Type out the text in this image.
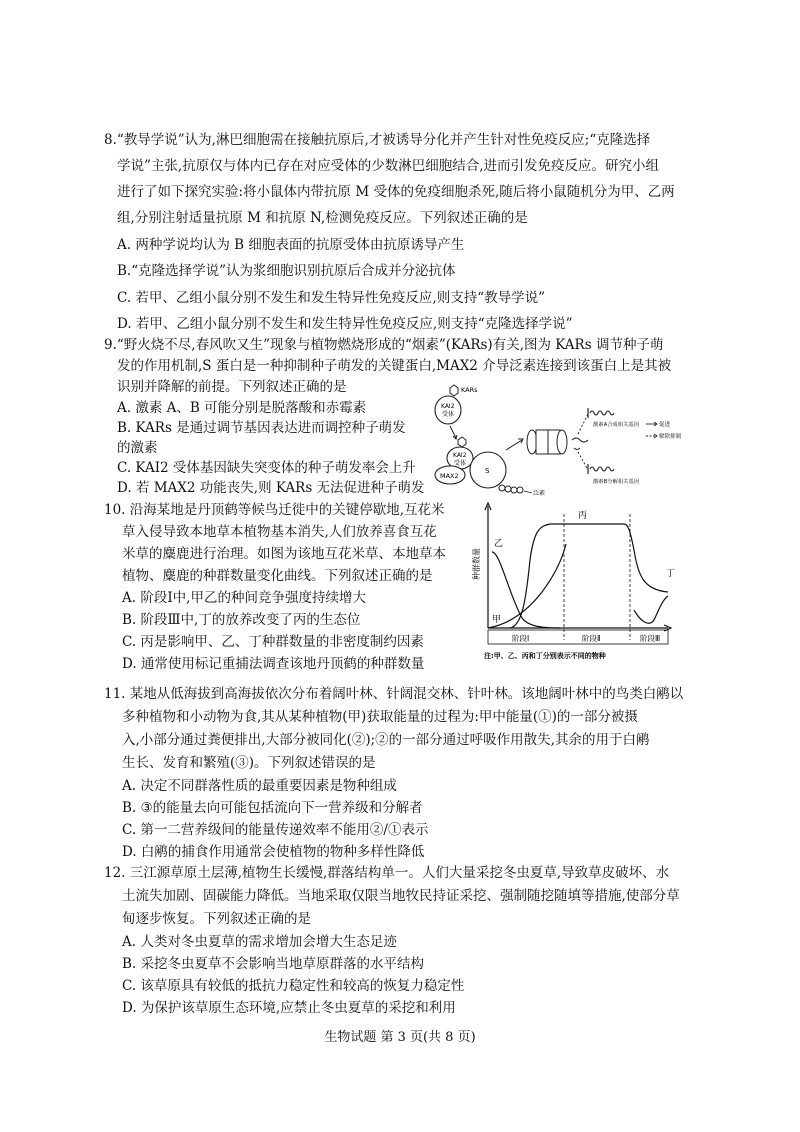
8.“教导学说”认为,淋巴细胞需在接触抗原后,才被诱导分化并产生针对性免疫反应;“克隆选择
学说”主张,抗原仅与体内已存在对应受体的少数淋巴细胞结合,进而引发免疫反应。研究小组
进行了如下探究实验:将小鼠体内带抗原 M 受体的免疫细胞杀死,随后将小鼠随机分为甲、乙两
组,分别注射适量抗原 M 和抗原 N,检测免疫反应。下列叙述正确的是
A. 两种学说均认为 B 细胞表面的抗原受体由抗原诱导产生
B.“克隆选择学说”认为浆细胞识别抗原后合成并分泌抗体
C. 若甲、乙组小鼠分别不发生和发生特异性免疫反应,则支持“教导学说”
D. 若甲、乙组小鼠分别不发生和发生特异性免疫反应,则支持“克隆选择学说”
9.“野火烧不尽,春风吹又生”现象与植物燃烧形成的“烟素”(KARs)有关,图为 KARs 调节种子萌
发的作用机制,S 蛋白是一种抑制种子萌发的关键蛋白,MAX2 介导泛素连接到该蛋白上是其被
识别并降解的前提。下列叙述正确的是
A. 激素 A、B 可能分别是脱落酸和赤霉素
B. KARs 是通过调节基因表达进而调控种子萌发
的激素
C. KAI2 受体基因缺失突变体的种子萌发率会上升
D. 若 MAX2 功能丧失,则 KARs 无法促进种子萌发
KARs
KAI2
受体
KAI2
受体
MAX2
S
泛素
激素A合成相关基因	促进
解除抑制
激素B分解相关基因
10. 沿海某地是丹顶鹤等候鸟迁徙中的关键停歇地,互花米
草入侵导致本地草本植物基本消失,人们放养喜食互花
米草的麋鹿进行治理。如图为该地互花米草、本地草本
植物、麋鹿的种群数量变化曲线。下列叙述正确的是
A. 阶段Ⅰ中,甲乙的种间竞争强度持续增大
B. 阶段Ⅲ中,丁的放养改变了丙的生态位
C. 丙是影响甲、乙、丁种群数量的非密度制约因素
D. 通常使用标记重捕法调查该地丹顶鹤的种群数量
种群数量
甲
乙
丙
丁
阶段Ⅰ	阶段Ⅱ	阶段Ⅲ
注:甲、乙、丙和丁分别表示不同的物种
11. 某地从低海拔到高海拔依次分布着阔叶林、针阔混交林、针叶林。该地阔叶林中的鸟类白鹇以
多种植物和小动物为食,其从某种植物(甲)获取能量的过程为:甲中能量(①)的一部分被摄
入,小部分通过粪便排出,大部分被同化(②);②的一部分通过呼吸作用散失,其余的用于白鹇
生长、发育和繁殖(③)。下列叙述错误的是
A. 决定不同群落性质的最重要因素是物种组成
B. ③的能量去向可能包括流向下一营养级和分解者
C. 第一二营养级间的能量传递效率不能用②/①表示
D. 白鹇的捕食作用通常会使植物的物种多样性降低
12. 三江源草原土层薄,植物生长缓慢,群落结构单一。人们大量采挖冬虫夏草,导致草皮破坏、水
土流失加剧、固碳能力降低。当地采取仅限当地牧民持证采挖、强制随挖随填等措施,使部分草
甸逐步恢复。下列叙述正确的是
A. 人类对冬虫夏草的需求增加会增大生态足迹
B. 采挖冬虫夏草不会影响当地草原群落的水平结构
C. 该草原具有较低的抵抗力稳定性和较高的恢复力稳定性
D. 为保护该草原生态环境,应禁止冬虫夏草的采挖和利用
生物试题 第 3 页(共 8 页)
